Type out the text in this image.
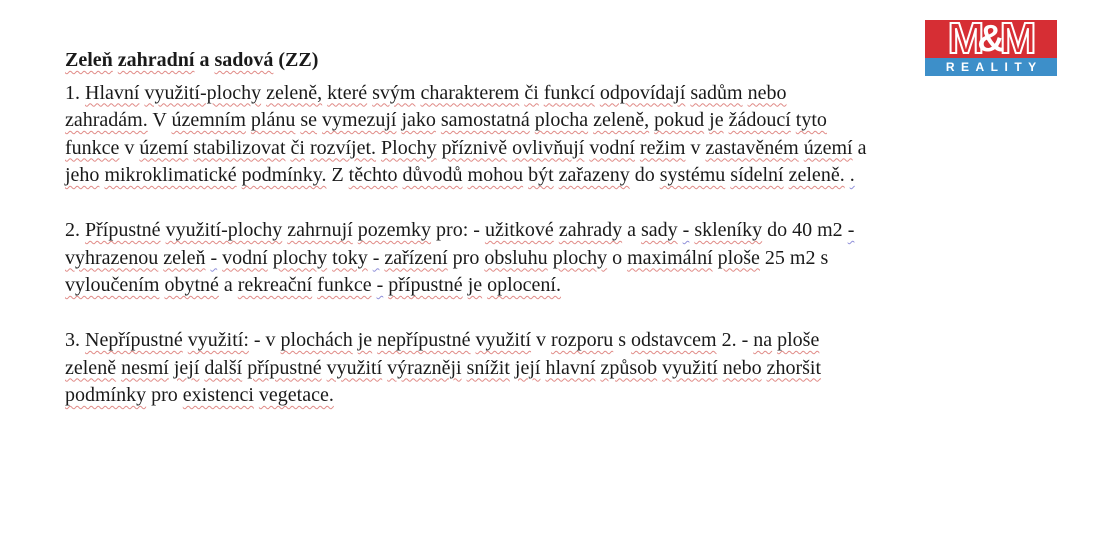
Zeleň zahradní a sadová (ZZ)
1. Hlavní využití-plochy zeleně, které svým charakterem či funkcí odpovídají sadům nebo
zahradám. V územním plánu se vymezují jako samostatná plocha zeleně, pokud je žádoucí tyto
funkce v území stabilizovat či rozvíjet. Plochy příznivě ovlivňují vodní režim v zastavěném území a
jeho mikroklimatické podmínky. Z těchto důvodů mohou být zařazeny do systému sídelní zeleně. .
2. Přípustné využití-plochy zahrnují pozemky pro: - užitkové zahrady a sady - skleníky do 40 m2 -
vyhrazenou zeleň - vodní plochy toky - zařízení pro obsluhu plochy o maximální ploše 25 m2 s
vyloučením obytné a rekreační funkce - přípustné je oplocení.
3. Nepřípustné využití: - v plochách je nepřípustné využití v rozporu s odstavcem 2. - na ploše
zeleně nesmí její další přípustné využití výrazněji snížit její hlavní způsob využití nebo zhoršit
podmínky pro existenci vegetace.
M
&
M
REALITY
